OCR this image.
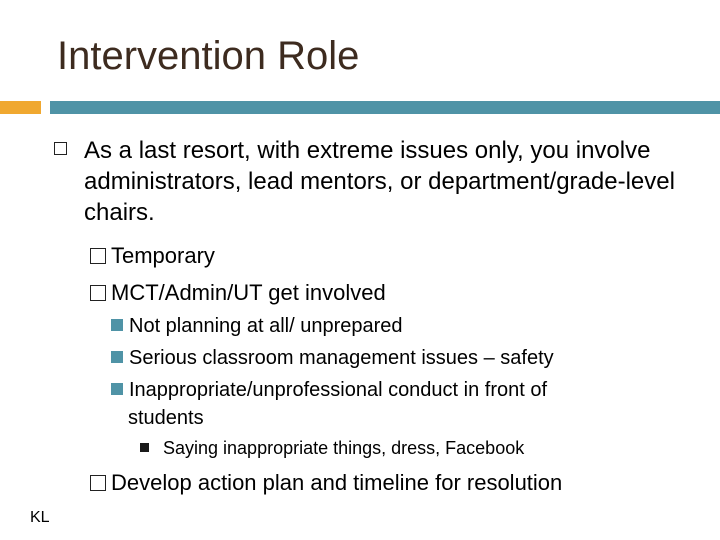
Intervention Role
As a last resort, with extreme issues only, you involve administrators, lead mentors, or department/grade-level chairs.
Temporary
MCT/Admin/UT get involved
Not planning at all/ unprepared
Serious classroom management issues – safety
Inappropriate/unprofessional conduct in front of
students
Saying inappropriate things, dress, Facebook
Develop action plan and timeline for resolution
KL
